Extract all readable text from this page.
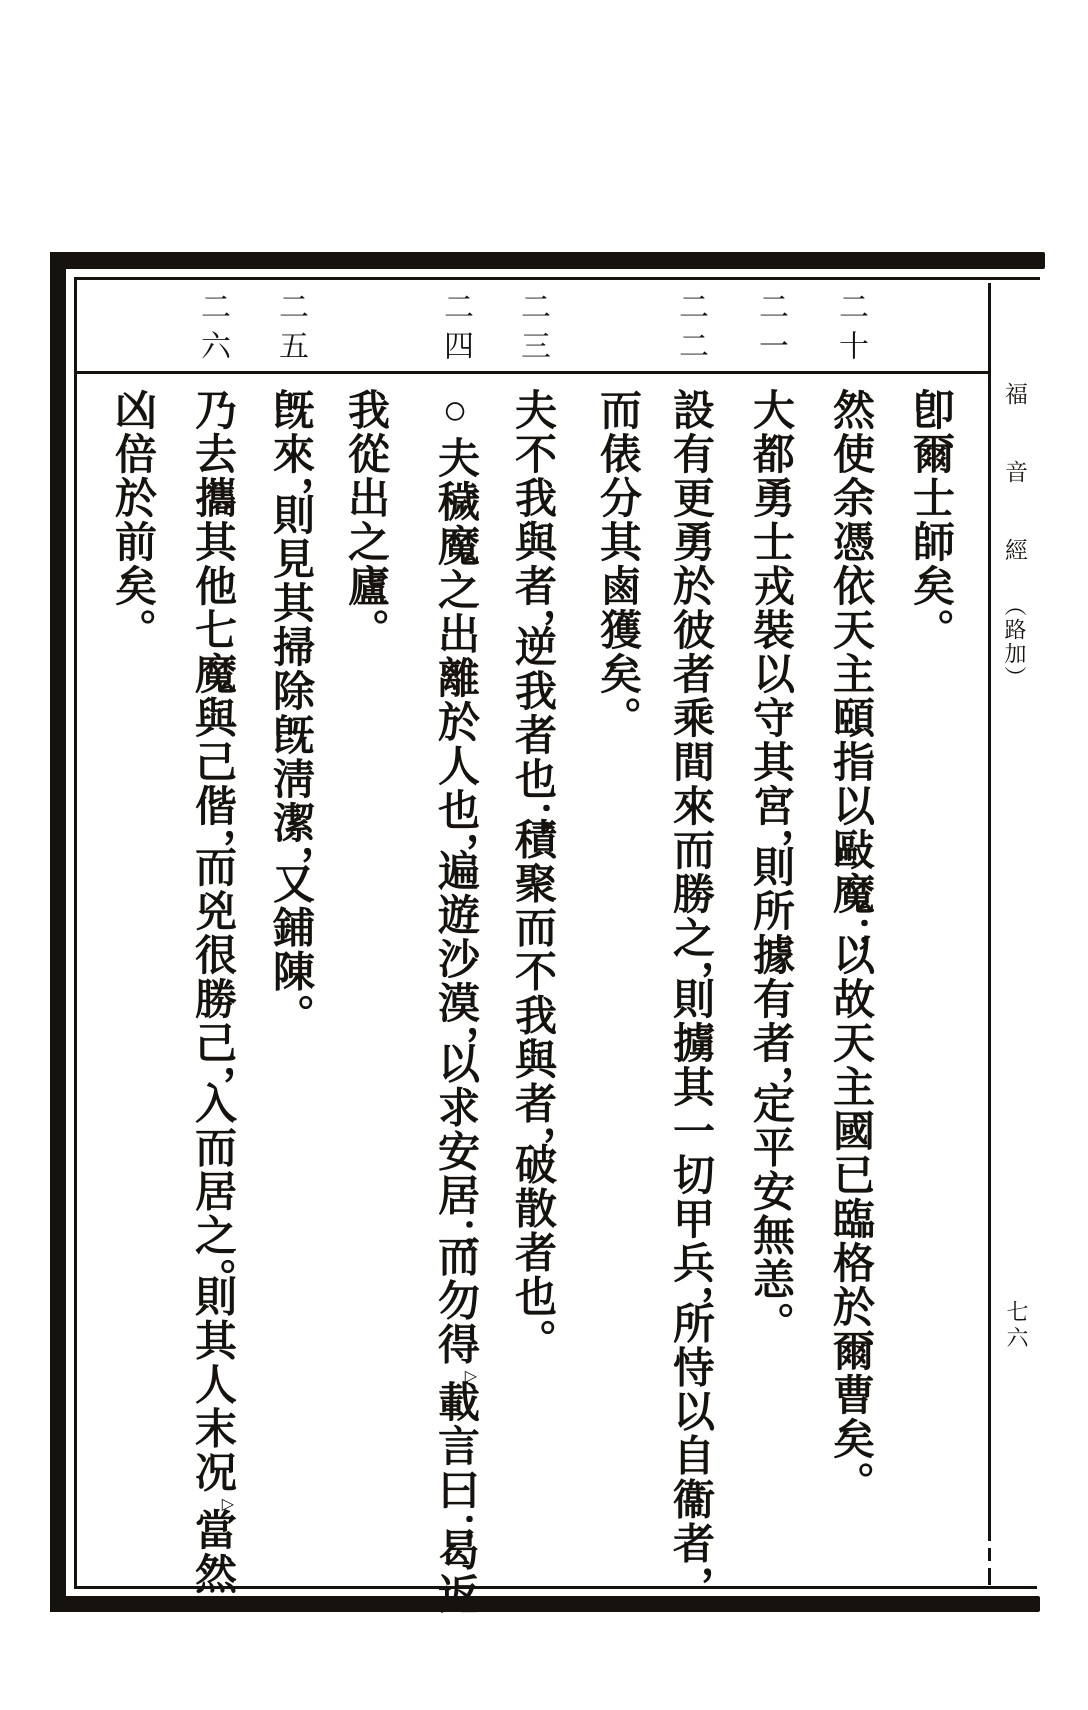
福音經
（路加）
七六
二十
二一
二二
二三
二四
二五
二六
卽爾士師矣。
然使余憑依天主頤指以敺魔；以故天主國已臨格於爾曹矣。
大都勇士戎裝以守其宮，則所據有者，定平安無恙。
設有更勇於彼者乘間來而勝之，則擄其一切甲兵，所恃以自衞者，
而俵分其鹵獲矣。
夫不我與者，逆我者也；積聚而不我與者，破散者也。
○夫穢魔之出離於人也，遍遊沙漠，以求安居；而勿得▷載言曰：曷返
我從出之廬。
旣來，則見其掃除旣淸潔，又鋪陳。
乃去攜其他七魔與己偕，而兇很勝己，入而居之。則其人末况▷當然
凶倍於前矣。
